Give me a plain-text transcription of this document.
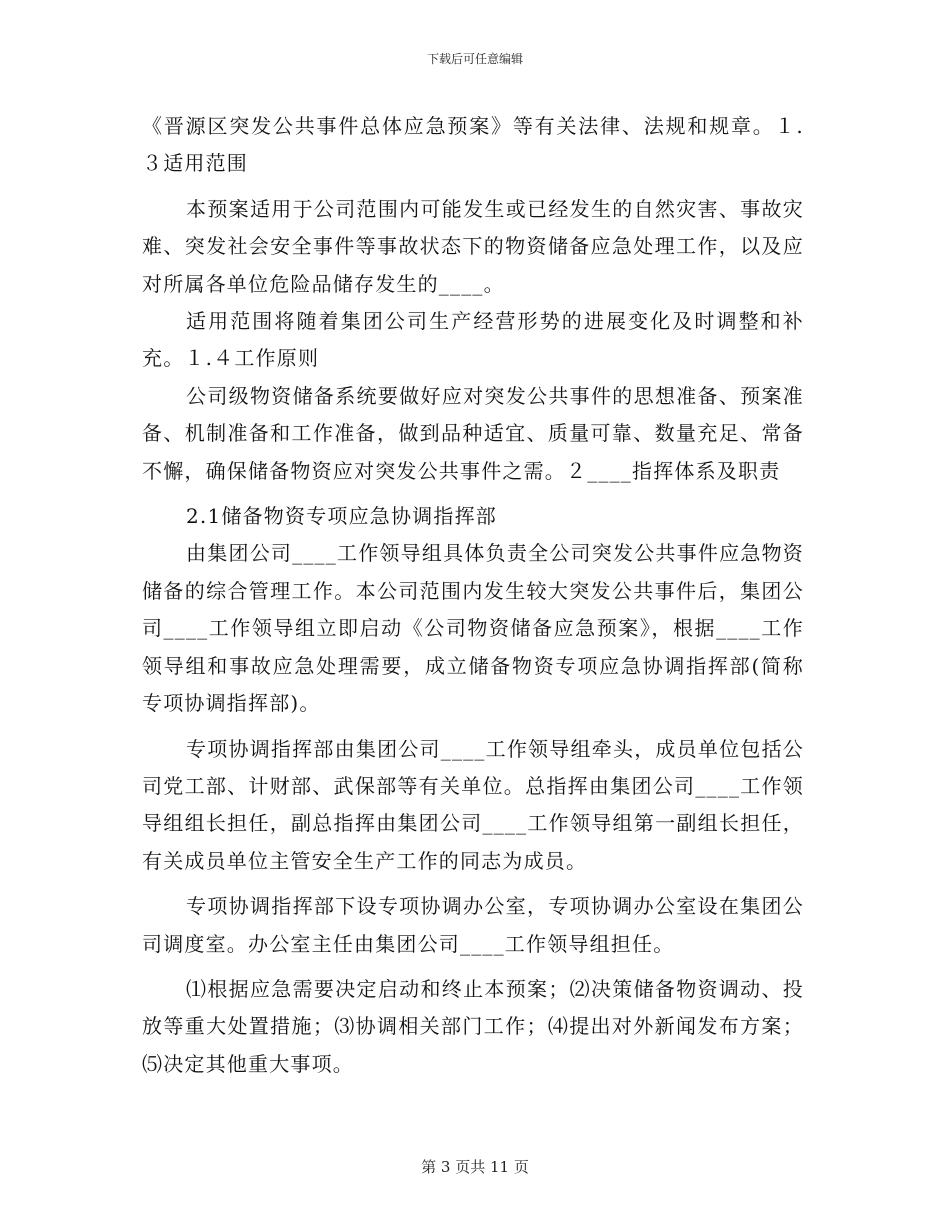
下载后可任意编辑

《晋源区突发公共事件总体应急预案》等有关法律、法规和规章。１.３适用范围

本预案适用于公司范围内可能发生或已经发生的自然灾害、事故灾难、突发社会安全事件等事故状态下的物资储备应急处理工作，以及应对所属各单位危险品储存发生的____。

适用范围将随着集团公司生产经营形势的进展变化及时调整和补充。１.４工作原则

公司级物资储备系统要做好应对突发公共事件的思想准备、预案准备、机制准备和工作准备，做到品种适宜、质量可靠、数量充足、常备不懈，确保储备物资应对突发公共事件之需。２____指挥体系及职责

2.1储备物资专项应急协调指挥部

由集团公司____工作领导组具体负责全公司突发公共事件应急物资储备的综合管理工作。本公司范围内发生较大突发公共事件后，集团公司____工作领导组立即启动《公司物资储备应急预案》，根据____工作领导组和事故应急处理需要，成立储备物资专项应急协调指挥部(简称专项协调指挥部)。

专项协调指挥部由集团公司____工作领导组牵头，成员单位包括公司党工部、计财部、武保部等有关单位。总指挥由集团公司____工作领导组组长担任，副总指挥由集团公司____工作领导组第一副组长担任，有关成员单位主管安全生产工作的同志为成员。

专项协调指挥部下设专项协调办公室，专项协调办公室设在集团公司调度室。办公室主任由集团公司____工作领导组担任。

⑴根据应急需要决定启动和终止本预案；⑵决策储备物资调动、投放等重大处置措施；⑶协调相关部门工作；⑷提出对外新闻发布方案；⑸决定其他重大事项。

第 3 页共 11 页
